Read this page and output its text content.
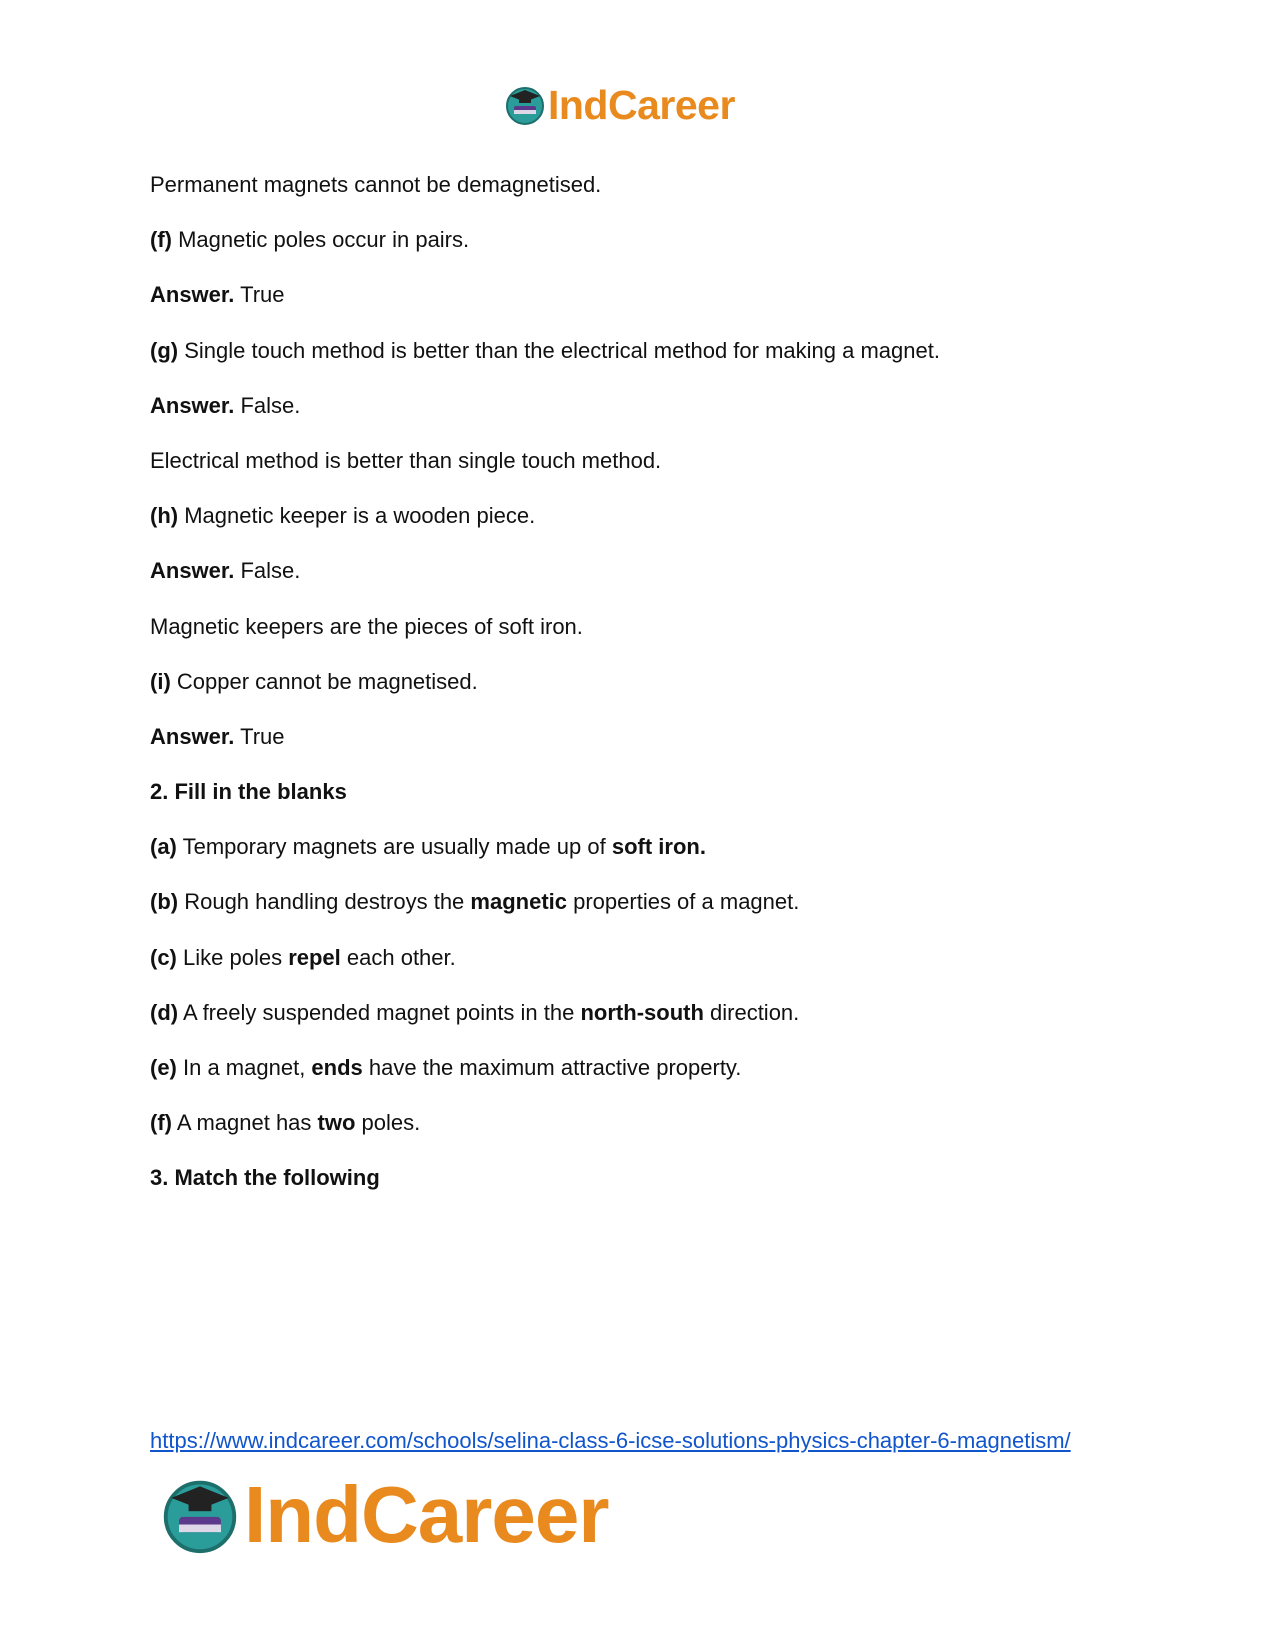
IndCareer
Permanent magnets cannot be demagnetised.
(f) Magnetic poles occur in pairs.
Answer. True
(g) Single touch method is better than the electrical method for making a magnet.
Answer. False.
Electrical method is better than single touch method.
(h) Magnetic keeper is a wooden piece.
Answer. False.
Magnetic keepers are the pieces of soft iron.
(i) Copper cannot be magnetised.
Answer. True
2. Fill in the blanks
(a) Temporary magnets are usually made up of soft iron.
(b) Rough handling destroys the magnetic properties of a magnet.
(c) Like poles repel each other.
(d) A freely suspended magnet points in the north-south direction.
(e) In a magnet, ends have the maximum attractive property.
(f) A magnet has two poles.
3. Match the following
https://www.indcareer.com/schools/selina-class-6-icse-solutions-physics-chapter-6-magnetism/
IndCareer
